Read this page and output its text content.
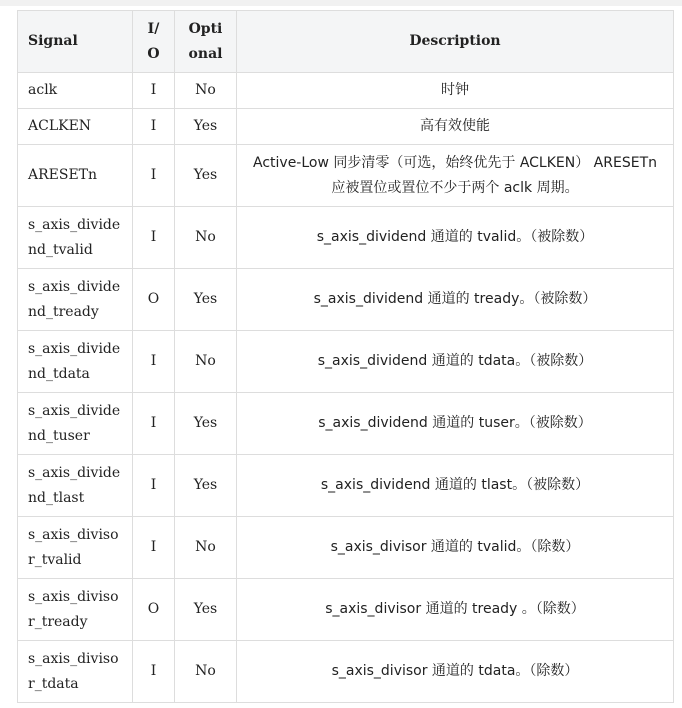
Signal	I/O	Optional	Description
aclk	I	No	时钟
ACLKEN	I	Yes	高有效使能
ARESETn	I	Yes	Active-Low 同步清零（可选，始终优先于 ACLKEN） ARESETn 应被置位或置位不少于两个 aclk 周期。
s_axis_dividend_tvalid	I	No	s_axis_dividend 通道的 tvalid。（被除数）
s_axis_dividend_tready	O	Yes	s_axis_dividend 通道的 tready。（被除数）
s_axis_dividend_tdata	I	No	s_axis_dividend 通道的 tdata。（被除数）
s_axis_dividend_tuser	I	Yes	s_axis_dividend 通道的 tuser。（被除数）
s_axis_dividend_tlast	I	Yes	s_axis_dividend 通道的 tlast。（被除数）
s_axis_divisor_tvalid	I	No	s_axis_divisor 通道的 tvalid。（除数）
s_axis_divisor_tready	O	Yes	s_axis_divisor 通道的 tready 。（除数）
s_axis_divisor_tdata	I	No	s_axis_divisor 通道的 tdata。（除数）
